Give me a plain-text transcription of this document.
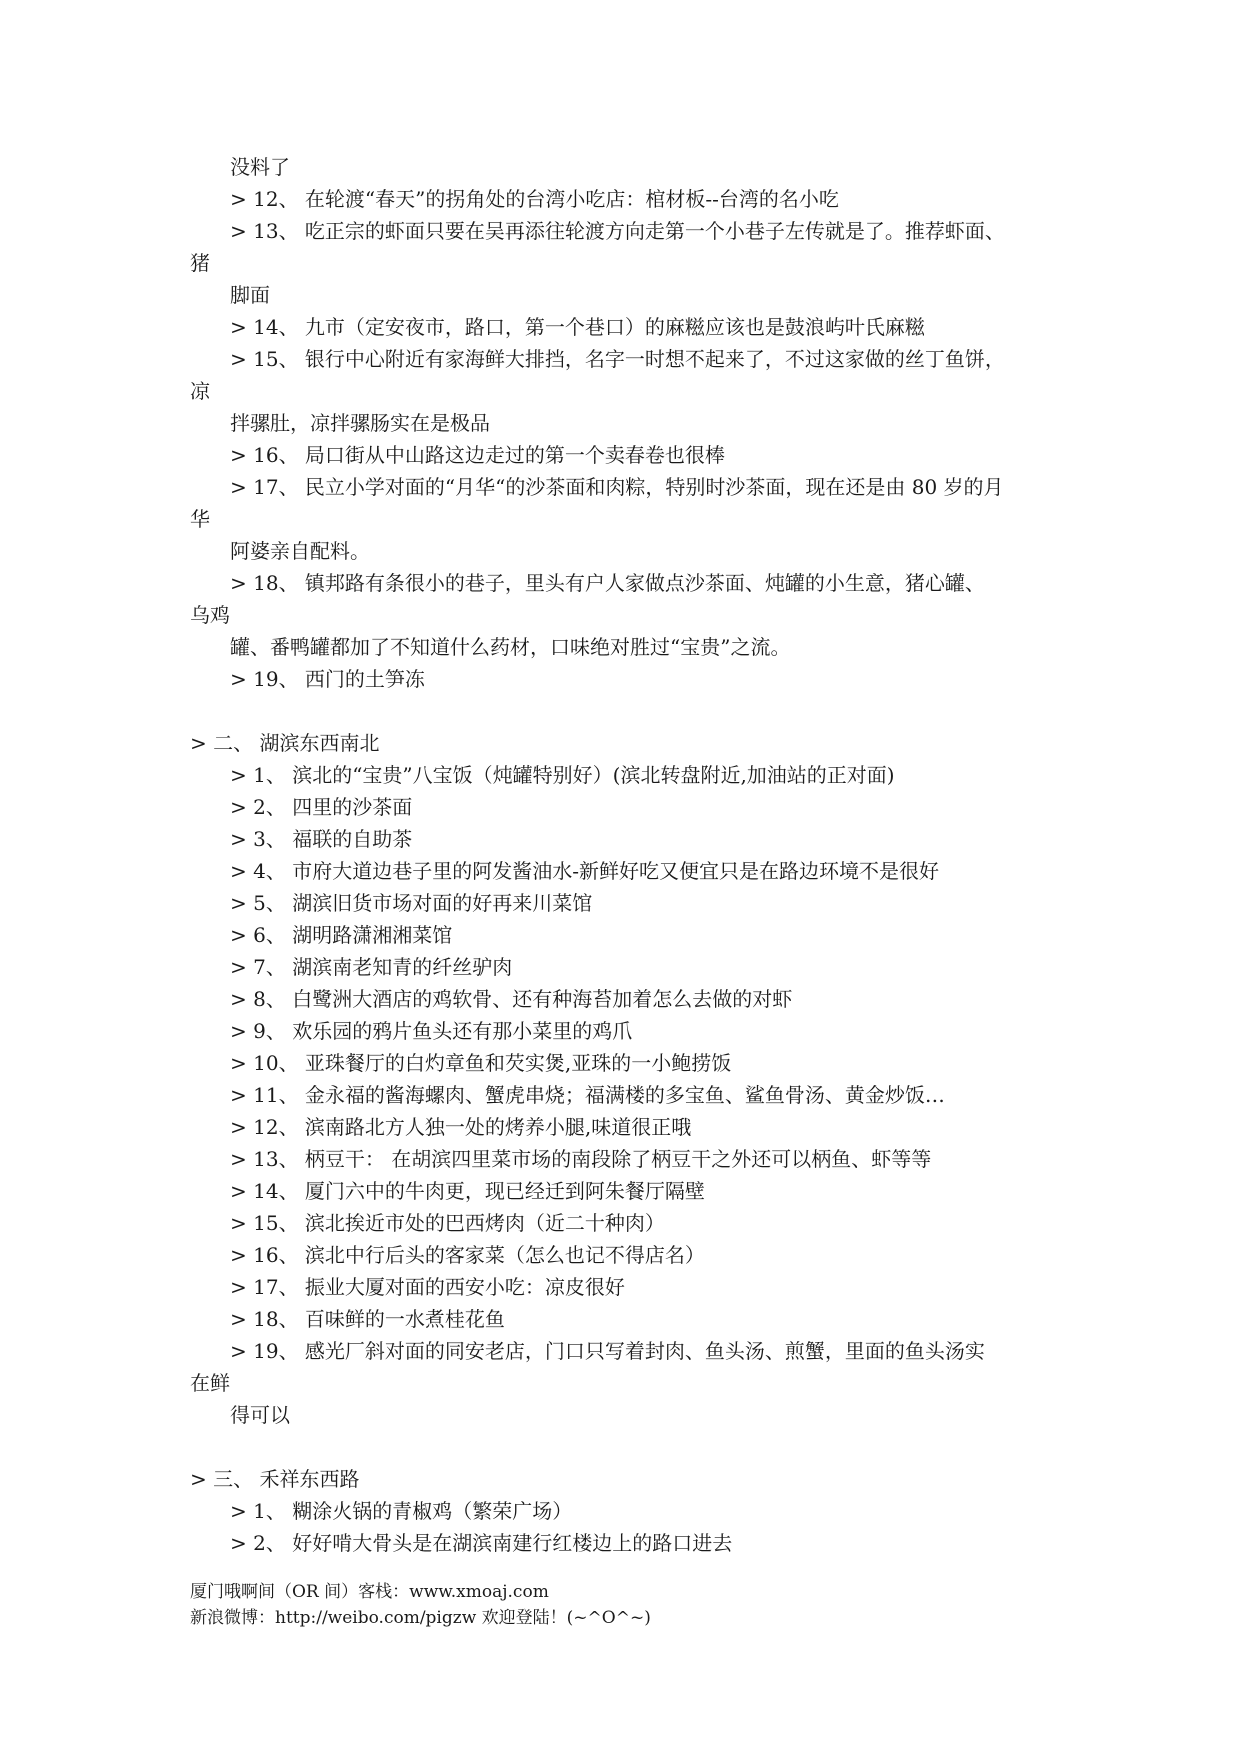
没料了
> 12、 在轮渡“春天”的拐角处的台湾小吃店：棺材板--台湾的名小吃
> 13、 吃正宗的虾面只要在吴再添往轮渡方向走第一个小巷子左传就是了。推荐虾面、
猪
脚面
> 14、 九市（定安夜市，路口，第一个巷口）的麻糍应该也是鼓浪屿叶氏麻糍
> 15、 银行中心附近有家海鲜大排挡，名字一时想不起来了，不过这家做的丝丁鱼饼，
凉
拌骡肚，凉拌骡肠实在是极品
> 16、 局口街从中山路这边走过的第一个卖春卷也很棒
> 17、 民立小学对面的“月华“的沙茶面和肉粽，特别时沙茶面，现在还是由 80 岁的月
华
阿婆亲自配料。
> 18、 镇邦路有条很小的巷子，里头有户人家做点沙茶面、炖罐的小生意，猪心罐、
乌鸡
罐、番鸭罐都加了不知道什么药材，口味绝对胜过“宝贵”之流。
> 19、 西门的土笋冻
> 二、 湖滨东西南北
> 1、 滨北的“宝贵”八宝饭（炖罐特别好）(滨北转盘附近,加油站的正对面)
> 2、 四里的沙茶面
> 3、 福联的自助茶
> 4、 市府大道边巷子里的阿发酱油水-新鲜好吃又便宜只是在路边环境不是很好
> 5、 湖滨旧货市场对面的好再来川菜馆
> 6、 湖明路潇湘湘菜馆
> 7、 湖滨南老知青的纤丝驴肉
> 8、 白鹭洲大酒店的鸡软骨、还有种海苔加着怎么去做的对虾
> 9、 欢乐园的鸦片鱼头还有那小菜里的鸡爪
> 10、 亚珠餐厅的白灼章鱼和芡实煲,亚珠的一小鲍捞饭
> 11、 金永福的酱海螺肉、蟹虎串烧；福满楼的多宝鱼、鲨鱼骨汤、黄金炒饭…
> 12、 滨南路北方人独一处的烤养小腿,味道很正哦
> 13、 柄豆干： 在胡滨四里菜市场的南段除了柄豆干之外还可以柄鱼、虾等等
> 14、 厦门六中的牛肉更，现已经迁到阿朱餐厅隔壁
> 15、 滨北挨近市处的巴西烤肉（近二十种肉）
> 16、 滨北中行后头的客家菜（怎么也记不得店名）
> 17、 振业大厦对面的西安小吃：凉皮很好
> 18、 百味鲜的一水煮桂花鱼
> 19、 感光厂斜对面的同安老店，门口只写着封肉、鱼头汤、煎蟹，里面的鱼头汤实
在鲜
得可以
> 三、 禾祥东西路
> 1、 糊涂火锅的青椒鸡（繁荣广场）
> 2、 好好啃大骨头是在湖滨南建行红楼边上的路口进去
厦门哦啊间（OR 间）客栈：www.xmoaj.com
新浪微博：http://weibo.com/pigzw 欢迎登陆！(~^O^~)
